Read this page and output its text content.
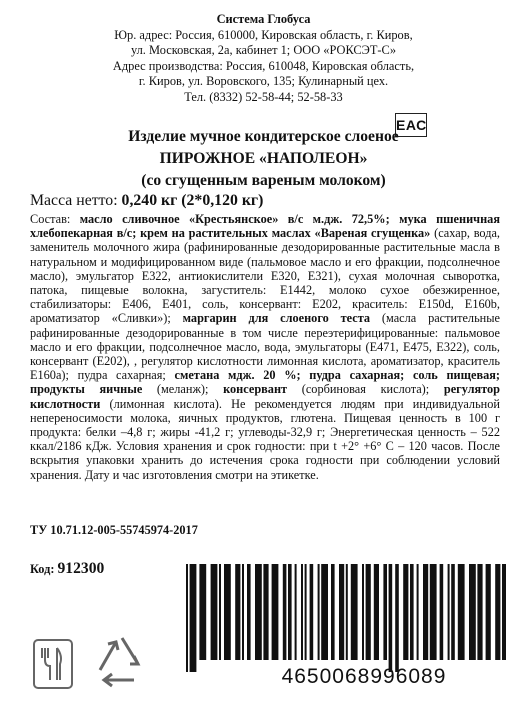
Система Глобуса
Юр. адрес: Россия, 610000, Кировская область, г. Киров,
ул. Московская, 2а, кабинет 1; ООО «РОКСЭТ-С»
Адрес производства: Россия, 610048, Кировская область,
г. Киров, ул. Воровского, 135; Кулинарный цех.
Тел. (8332) 52-58-44; 52-58-33
ЕАС
Изделие мучное кондитерское слоеное
ПИРОЖНОЕ «НАПОЛЕОН»
(со сгущенным вареным молоком)
Масса нетто: 0,240 кг (2*0,120 кг)
Состав: масло сливочное «Крестьянское» в/с м.дж. 72,5%; мука пшеничная хлебопекарная в/с; крем на растительных маслах «Вареная сгущенка» (сахар, вода, заменитель молочного жира (рафинированные дезодорированные растительные масла в натуральном и модифицированном виде (пальмовое масло и его фракции, подсолнечное масло), эмульгатор Е322, антиокислители Е320, Е321), сухая молочная сыворотка, патока, пищевые волокна, загуститель: Е1442, молоко сухое обезжиренное, стабилизаторы: Е406, Е401, соль, консервант: Е202, краситель: Е150d, Е160b, ароматизатор «Сливки»); маргарин для слоеного теста (масла растительные рафинированные дезодорированные в том числе переэтерифицированные: пальмовое масло и его фракции, подсолнечное масло, вода, эмульгаторы (Е471, Е475, Е322), соль, консервант (Е202), , регулятор кислотности лимонная кислота, ароматизатор, краситель Е160а); пудра сахарная; сметана мдж. 20 %; пудра сахарная; соль пищевая; продукты яичные (меланж); консервант (сорбиновая кислота); регулятор кислотности (лимонная кислота). Не рекомендуется людям при индивидуальной непереносимости молока, яичных продуктов, глютена. Пищевая ценность в 100 г продукта: белки –4,8 г; жиры -41,2 г; углеводы-32,9 г; Энергетическая ценность – 522 ккал/2186 кДж. Условия хранения и срок годности: при t +2° +6° С – 120 часов. После вскрытия упаковки хранить до истечения срока годности при соблюдении условий хранения. Дату и час изготовления смотри на этикетке.
ТУ 10.71.12-005-55745974-2017
Код: 912300
4650068996089
